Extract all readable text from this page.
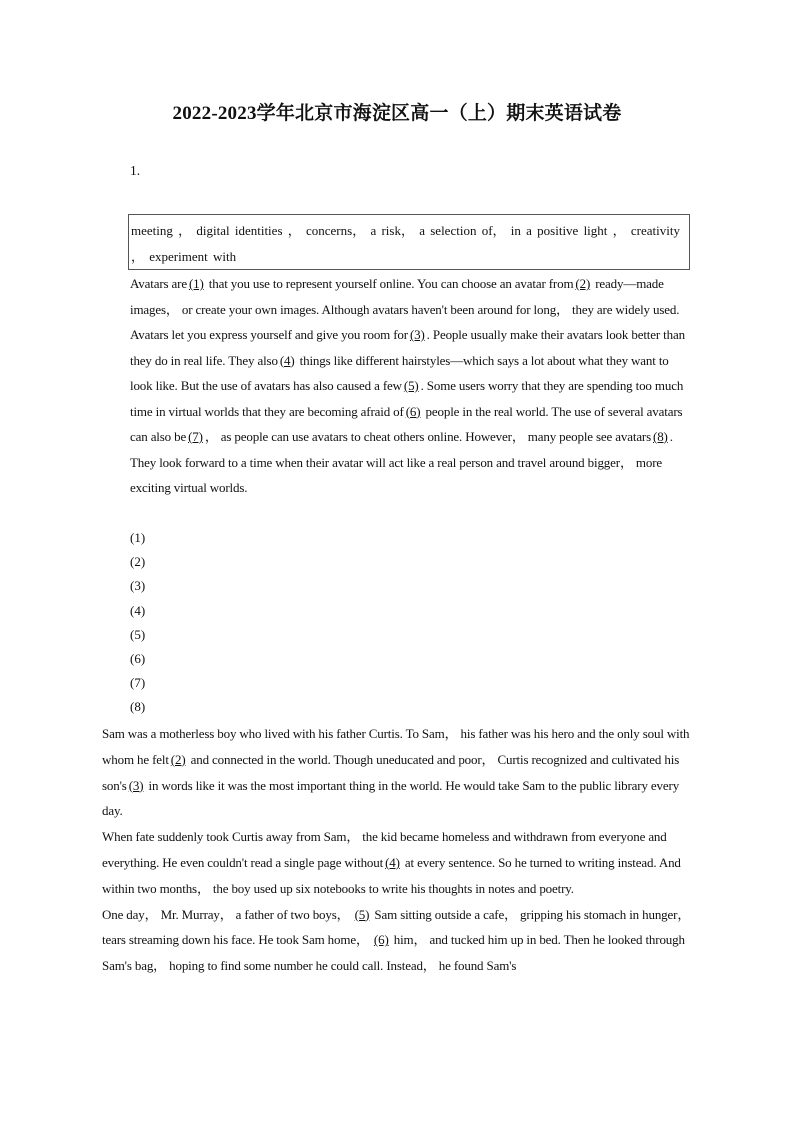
2022-2023学年北京市海淀区高一（上）期末英语试卷
1.
meeting ， digital identities ， concerns， a risk， a selection of， in a positive light ， creativity ， experiment with

Avatars are (1) that you use to represent yourself online. You can choose an avatar from (2) ready—made images， or create your own images. Although avatars haven't been around for long， they are widely used.

Avatars let you express yourself and give you room for (3) . People usually make their avatars look better than they do in real life. They also (4) things like different hairstyles—which says a lot about what they want to look like. But the use of avatars has also caused a few (5) . Some users worry that they are spending too much time in virtual worlds that they are becoming afraid of (6) people in the real world. The use of several avatars can also be (7) ， as people can use avatars to cheat others online. However， many people see avatars (8) . They look forward to a time when their avatar will act like a real person and travel around bigger， more exciting virtual worlds.

(1)
(2)
(3)
(4)
(5)
(6)
(7)
(8)

Sam was a motherless boy who lived with his father Curtis. To Sam， his father was his hero and the only soul with whom he felt (2) and connected in the world. Though uneducated and poor， Curtis recognized and cultivated his son's (3) in words like it was the most important thing in the world. He would take Sam to the public library every day.

When fate suddenly took Curtis away from Sam， the kid became homeless and withdrawn from everyone and everything. He even couldn't read a single page without (4) at every sentence. So he turned to writing instead. And within two months， the boy used up six notebooks to write his thoughts in notes and poetry.

One day， Mr. Murray， a father of two boys， (5) Sam sitting outside a cafe， gripping his stomach in hunger， tears streaming down his face. He took Sam home， (6) him， and tucked him up in bed. Then he looked through Sam's bag， hoping to find some number he could call. Instead， he found Sam's
